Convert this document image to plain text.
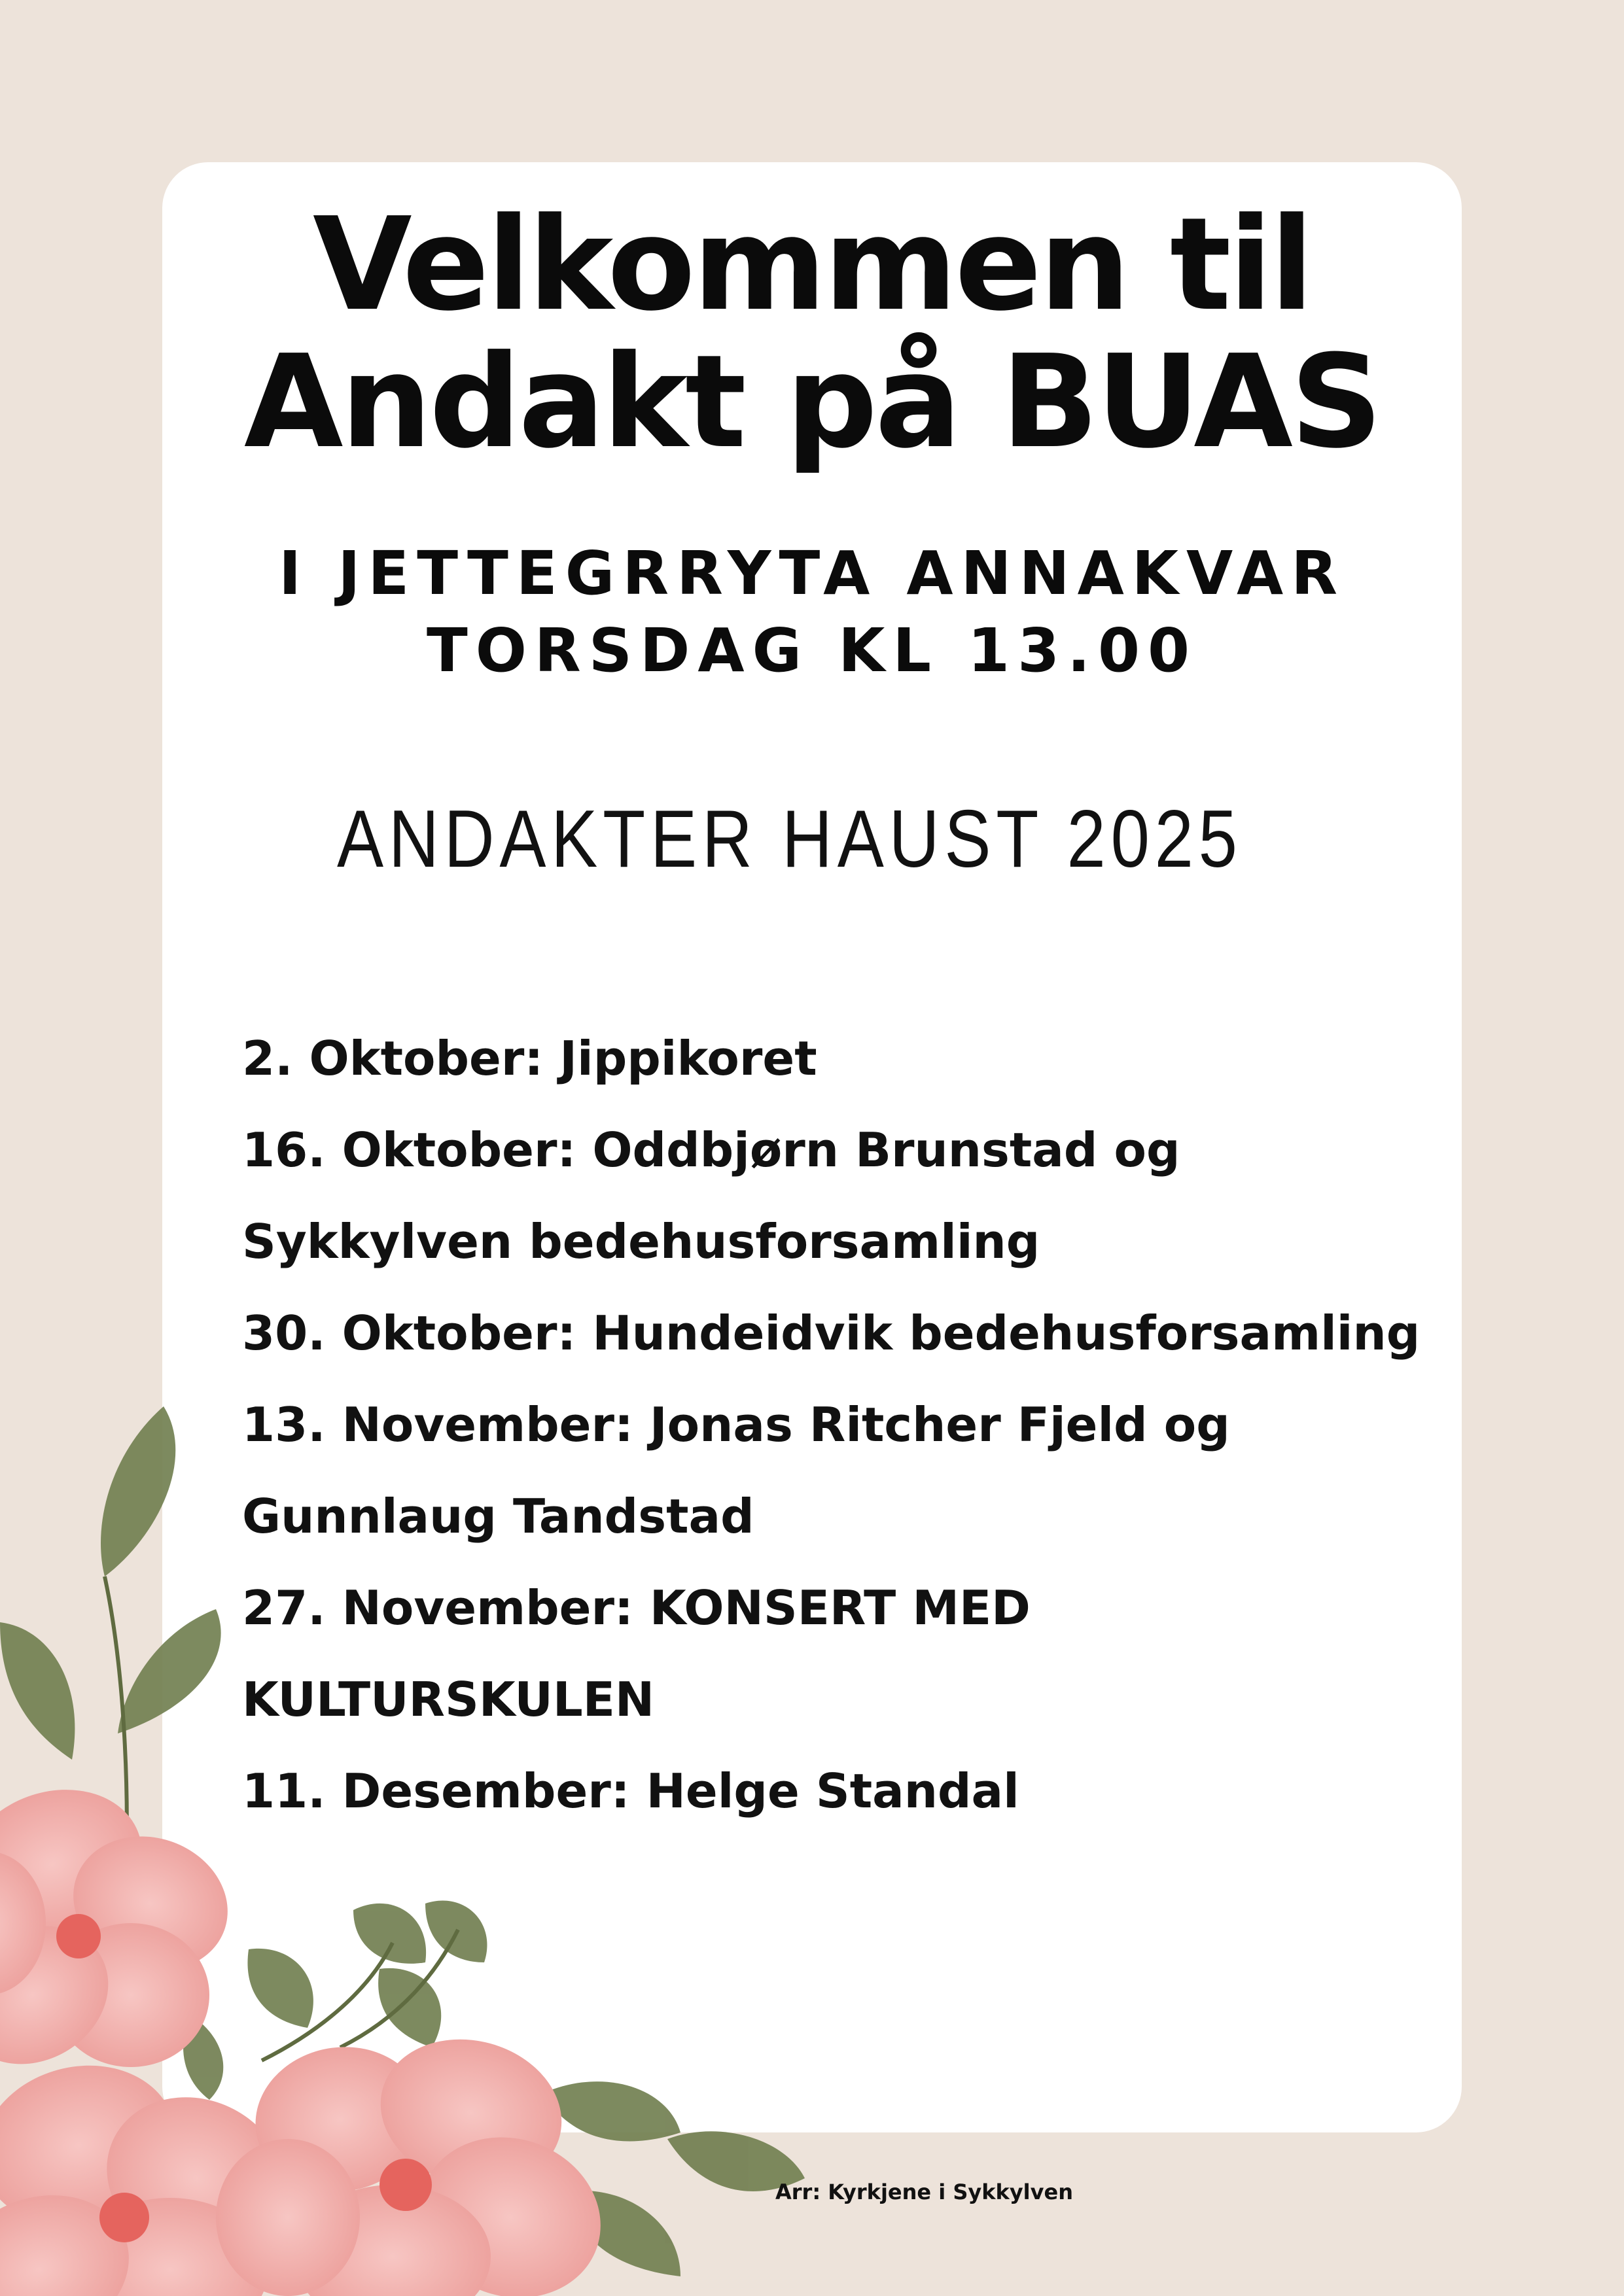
Velkommen til
Andakt på BUAS
I JETTEGRRYTA ANNAKVAR
TORSDAG KL 13.00
ANDAKTER HAUST 2025
2. Oktober: Jippikoret
16. Oktober: Oddbjørn Brunstad og Sykkylven bedehusforsamling
30. Oktober: Hundeidvik bedehusforsamling
13. November: Jonas Ritcher Fjeld og Gunnlaug Tandstad
27. November: KONSERT MED KULTURSKULEN
11. Desember: Helge Standal
Arr: Kyrkjene i Sykkylven
